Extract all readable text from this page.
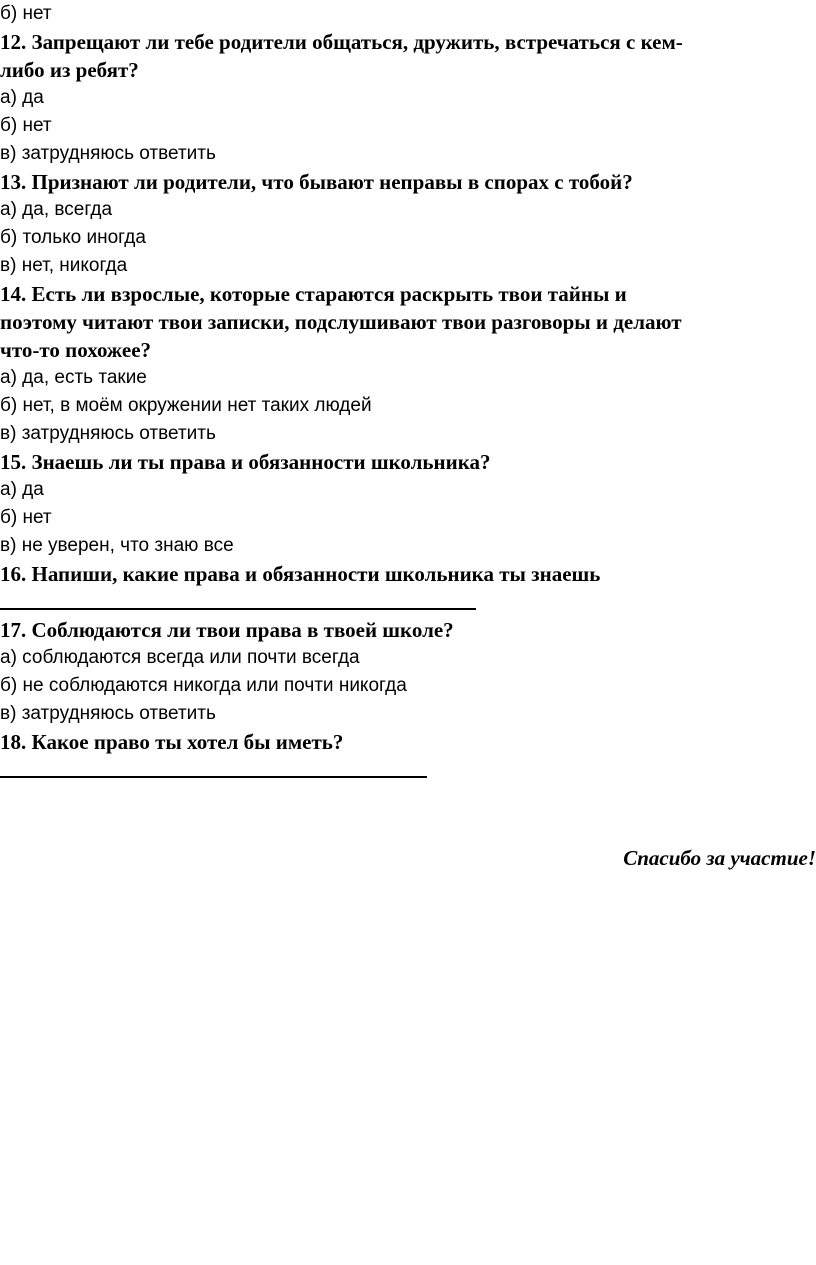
б) нет
12. Запрещают ли тебе родители общаться, дружить, встречаться с кем-
либо из ребят?
а) да
б) нет
в) затрудняюсь ответить
13. Признают ли родители, что бывают неправы в спорах с тобой?
а) да, всегда
б) только иногда
в) нет, никогда
14. Есть ли взрослые, которые стараются раскрыть твои тайны и
поэтому читают твои записки, подслушивают твои разговоры и делают
что-то похожее?
а) да, есть такие
б) нет, в моём окружении нет таких людей
в) затрудняюсь ответить
15. Знаешь ли ты права и обязанности школьника?
а) да
б) нет
в) не уверен, что знаю все
16. Напиши, какие права и обязанности школьника ты знаешь
17. Соблюдаются ли твои права в твоей школе?
а) соблюдаются всегда или почти всегда
б) не соблюдаются никогда или почти никогда
в) затрудняюсь ответить
18. Какое право ты хотел бы иметь?
Спасибо за участие!
